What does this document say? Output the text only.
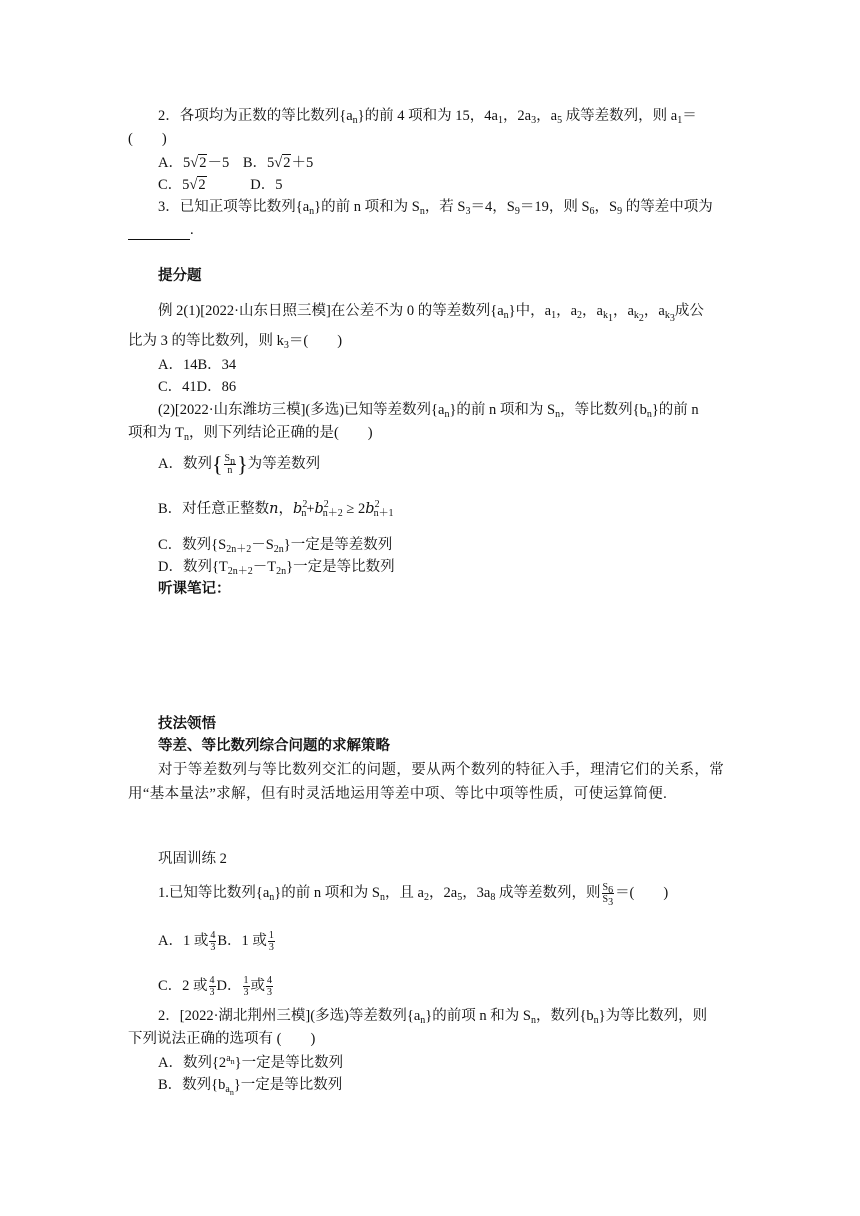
2．各项均为正数的等比数列$\{a_n\}$的前 4 项和为 15，$4a_1$，$2a_3$，$a_5$ 成等差数列，则 $a_1=$
(　　)
A．5√2－5 B．5√2＋5
C．5√2	D．5
3．已知正项等比数列$\{a_n\}$的前 n 项和为 $S_n$，若 $S_3=4$，$S_9=19$，则 $S_6$，$S_9$ 的等差中项为
.
提分题
例 2(1)[2022·山东日照三模]在公差不为 0 的等差数列$\{a_n\}$中，$a_1$，$a_2$，$a_{k_1}$，$a_{k_2}$，$a_{k_3}$成公
比为 3 的等比数列，则 $k_3=$(　　)
A．14B．34
C．41D．86
(2)[2022·山东潍坊三模](多选)已知等差数列$\{a_n\}$的前 n 项和为 $S_n$，等比数列$\{b_n\}$的前 n
项和为 $T_n$，则下列结论正确的是(　　)
A．数列{ $\frac{S_n}{n}$ }为等差数列
B．对任意正整数n，$b^2_n+b^2_{n+2} \ge 2b^2_{n+1}$
C．数列$\{S_{2n+2}-S_{2n}\}$一定是等差数列
D．数列$\{T_{2n+2}-T_{2n}\}$一定是等比数列
听课笔记：
技法领悟
等差、等比数列综合问题的求解策略
对于等差数列与等比数列交汇的问题，要从两个数列的特征入手，理清它们的关系，常
用“基本量法”求解，但有时灵活地运用等差中项、等比中项等性质，可使运算简便.
巩固训练 2
1.已知等比数列$\{a_n\}$的前 n 项和为 $S_n$，且 $a_2$，$2a_5$，$3a_8$ 成等差数列，则 $\frac{S_6}{S_3}$ ＝(　　)
A．1 或 $\frac{4}{3}$ B．1 或 $\frac{1}{3}$
C．2 或 $\frac{4}{3}$ D． $\frac{1}{3}$ 或 $\frac{4}{3}$
2．[2022·湖北荆州三模](多选)等差数列$\{a_n\}$的前项 n 和为 $S_n$，数列$\{b_n\}$为等比数列，则
下列说法正确的选项有 (　　)
A．数列$\{2^{a_n}\}$一定是等比数列
B．数列$\{b_{a_n}\}$一定是等比数列
